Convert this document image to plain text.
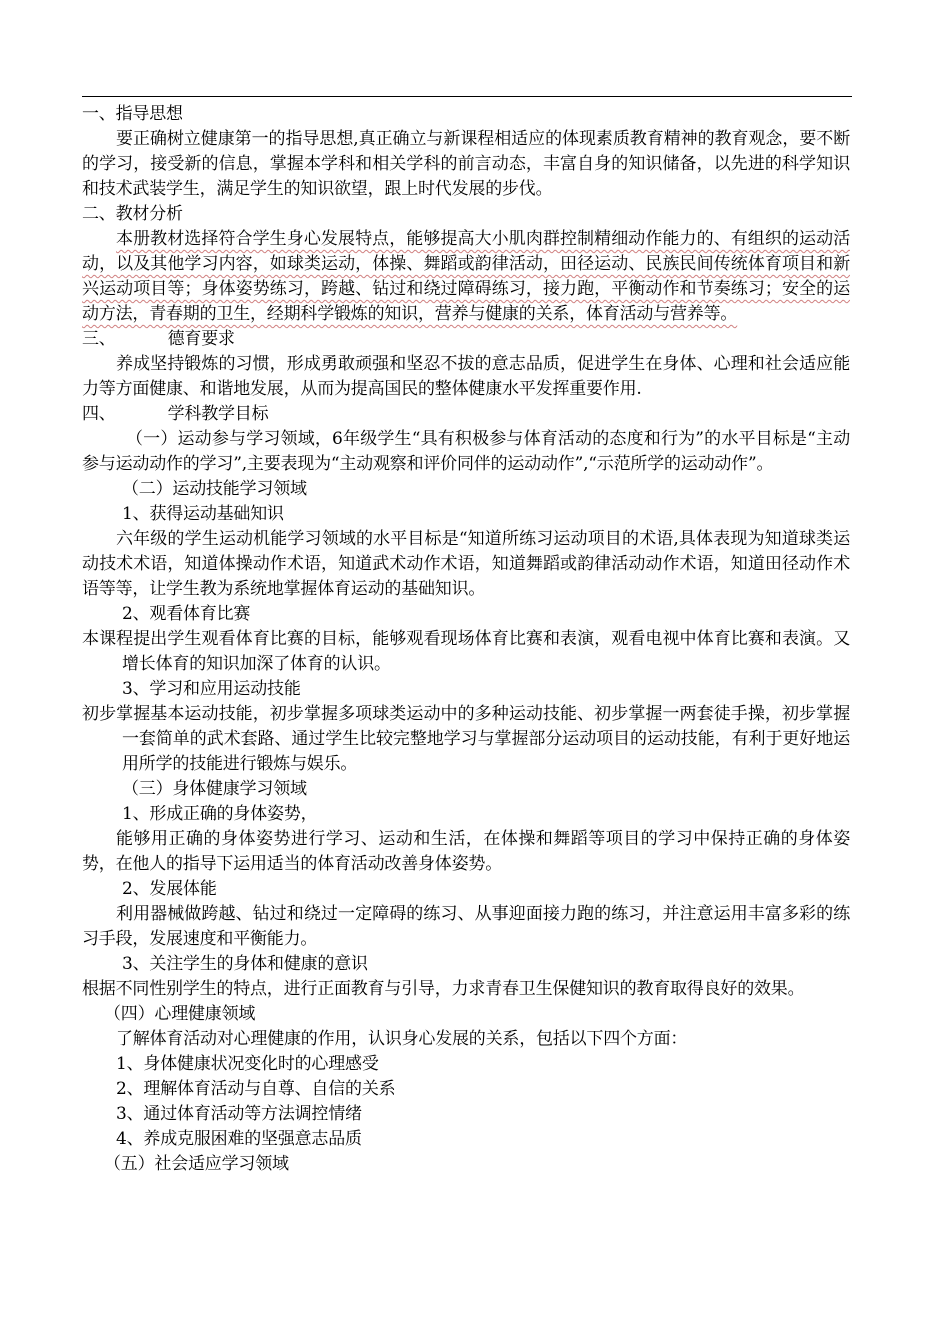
一、指导思想

要正确树立健康第一的指导思想,真正确立与新课程相适应的体现素质教育精神的教育观念，要不断的学习，接受新的信息，掌握本学科和相关学科的前言动态，丰富自身的知识储备，以先进的科学知识和技术武装学生，满足学生的知识欲望，跟上时代发展的步伐。

二、教材分析

本册教材选择符合学生身心发展特点，能够提高大小肌肉群控制精细动作能力的、有组织的运动活动，以及其他学习内容，如球类运动，体操、舞蹈或韵律活动，田径运动、民族民间传统体育项目和新兴运动项目等；身体姿势练习，跨越、钻过和绕过障碍练习，接力跑，平衡动作和节奏练习；安全的运动方法，青春期的卫生，经期科学锻炼的知识，营养与健康的关系，体育活动与营养等。

三、	德育要求

养成坚持锻炼的习惯，形成勇敢顽强和坚忍不拔的意志品质，促进学生在身体、心理和社会适应能力等方面健康、和谐地发展，从而为提高国民的整体健康水平发挥重要作用.

四、	学科教学目标

（一）运动参与学习领域，6年级学生“具有积极参与体育活动的态度和行为”的水平目标是“主动参与运动动作的学习”,主要表现为“主动观察和评价同伴的运动动作”,“示范所学的运动动作”。

（二）运动技能学习领域

1、获得运动基础知识

六年级的学生运动机能学习领域的水平目标是“知道所练习运动项目的术语,具体表现为知道球类运动技术术语，知道体操动作术语，知道武术动作术语，知道舞蹈或韵律活动动作术语，知道田径动作术语等等，让学生教为系统地掌握体育运动的基础知识。

2、观看体育比赛

本课程提出学生观看体育比赛的目标，能够观看现场体育比赛和表演，观看电视中体育比赛和表演。又增长体育的知识加深了体育的认识。

3、学习和应用运动技能

初步掌握基本运动技能，初步掌握多项球类运动中的多种运动技能、初步掌握一两套徒手操，初步掌握一套简单的武术套路、通过学生比较完整地学习与掌握部分运动项目的运动技能，有利于更好地运用所学的技能进行锻炼与娱乐。

（三）身体健康学习领域

1、形成正确的身体姿势，

能够用正确的身体姿势进行学习、运动和生活，在体操和舞蹈等项目的学习中保持正确的身体姿势，在他人的指导下运用适当的体育活动改善身体姿势。

2、发展体能

利用器械做跨越、钻过和绕过一定障碍的练习、从事迎面接力跑的练习，并注意运用丰富多彩的练习手段，发展速度和平衡能力。

3、关注学生的身体和健康的意识

根据不同性别学生的特点，进行正面教育与引导，力求青春卫生保健知识的教育取得良好的效果。

（四）心理健康领域

了解体育活动对心理健康的作用，认识身心发展的关系，包括以下四个方面：

1、身体健康状况变化时的心理感受

2、理解体育活动与自尊、自信的关系

3、通过体育活动等方法调控情绪

4、养成克服困难的坚强意志品质

（五）社会适应学习领域
